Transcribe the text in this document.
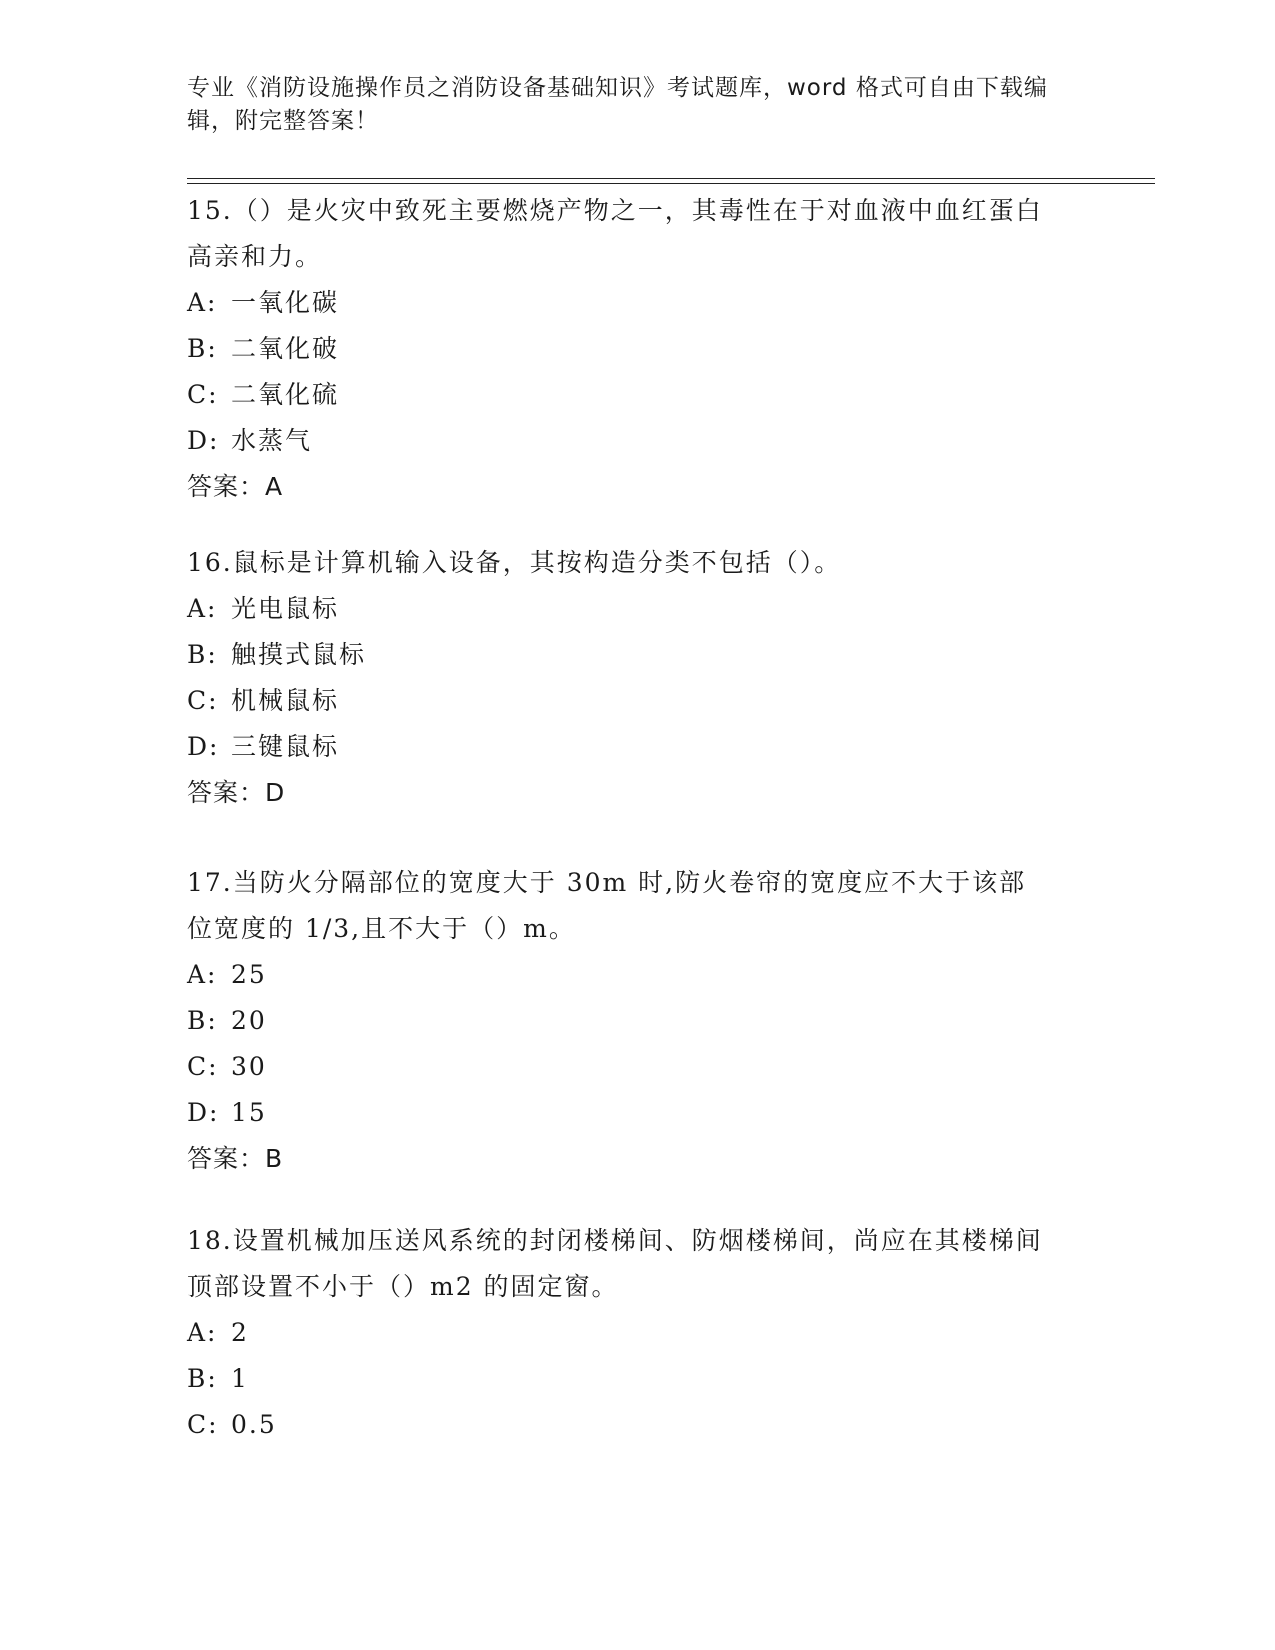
专业《消防设施操作员之消防设备基础知识》考试题库，word 格式可自由下载编辑，附完整答案！

15.（）是火灾中致死主要燃烧产物之一，其毒性在于对血液中血红蛋白高亲和力。

A: 一氧化碳

B: 二氧化破

C: 二氧化硫

D: 水蒸气

答案：A

16.鼠标是计算机输入设备，其按构造分类不包括（）。

A: 光电鼠标

B: 触摸式鼠标

C: 机械鼠标

D: 三键鼠标

答案：D

17.当防火分隔部位的宽度大于 30m 时,防火卷帘的宽度应不大于该部位宽度的 1/3,且不大于（）m。

A: 25

B: 20

C: 30

D: 15

答案：B

18.设置机械加压送风系统的封闭楼梯间、防烟楼梯间，尚应在其楼梯间顶部设置不小于（）m2 的固定窗。

A: 2

B: 1

C: 0.5
